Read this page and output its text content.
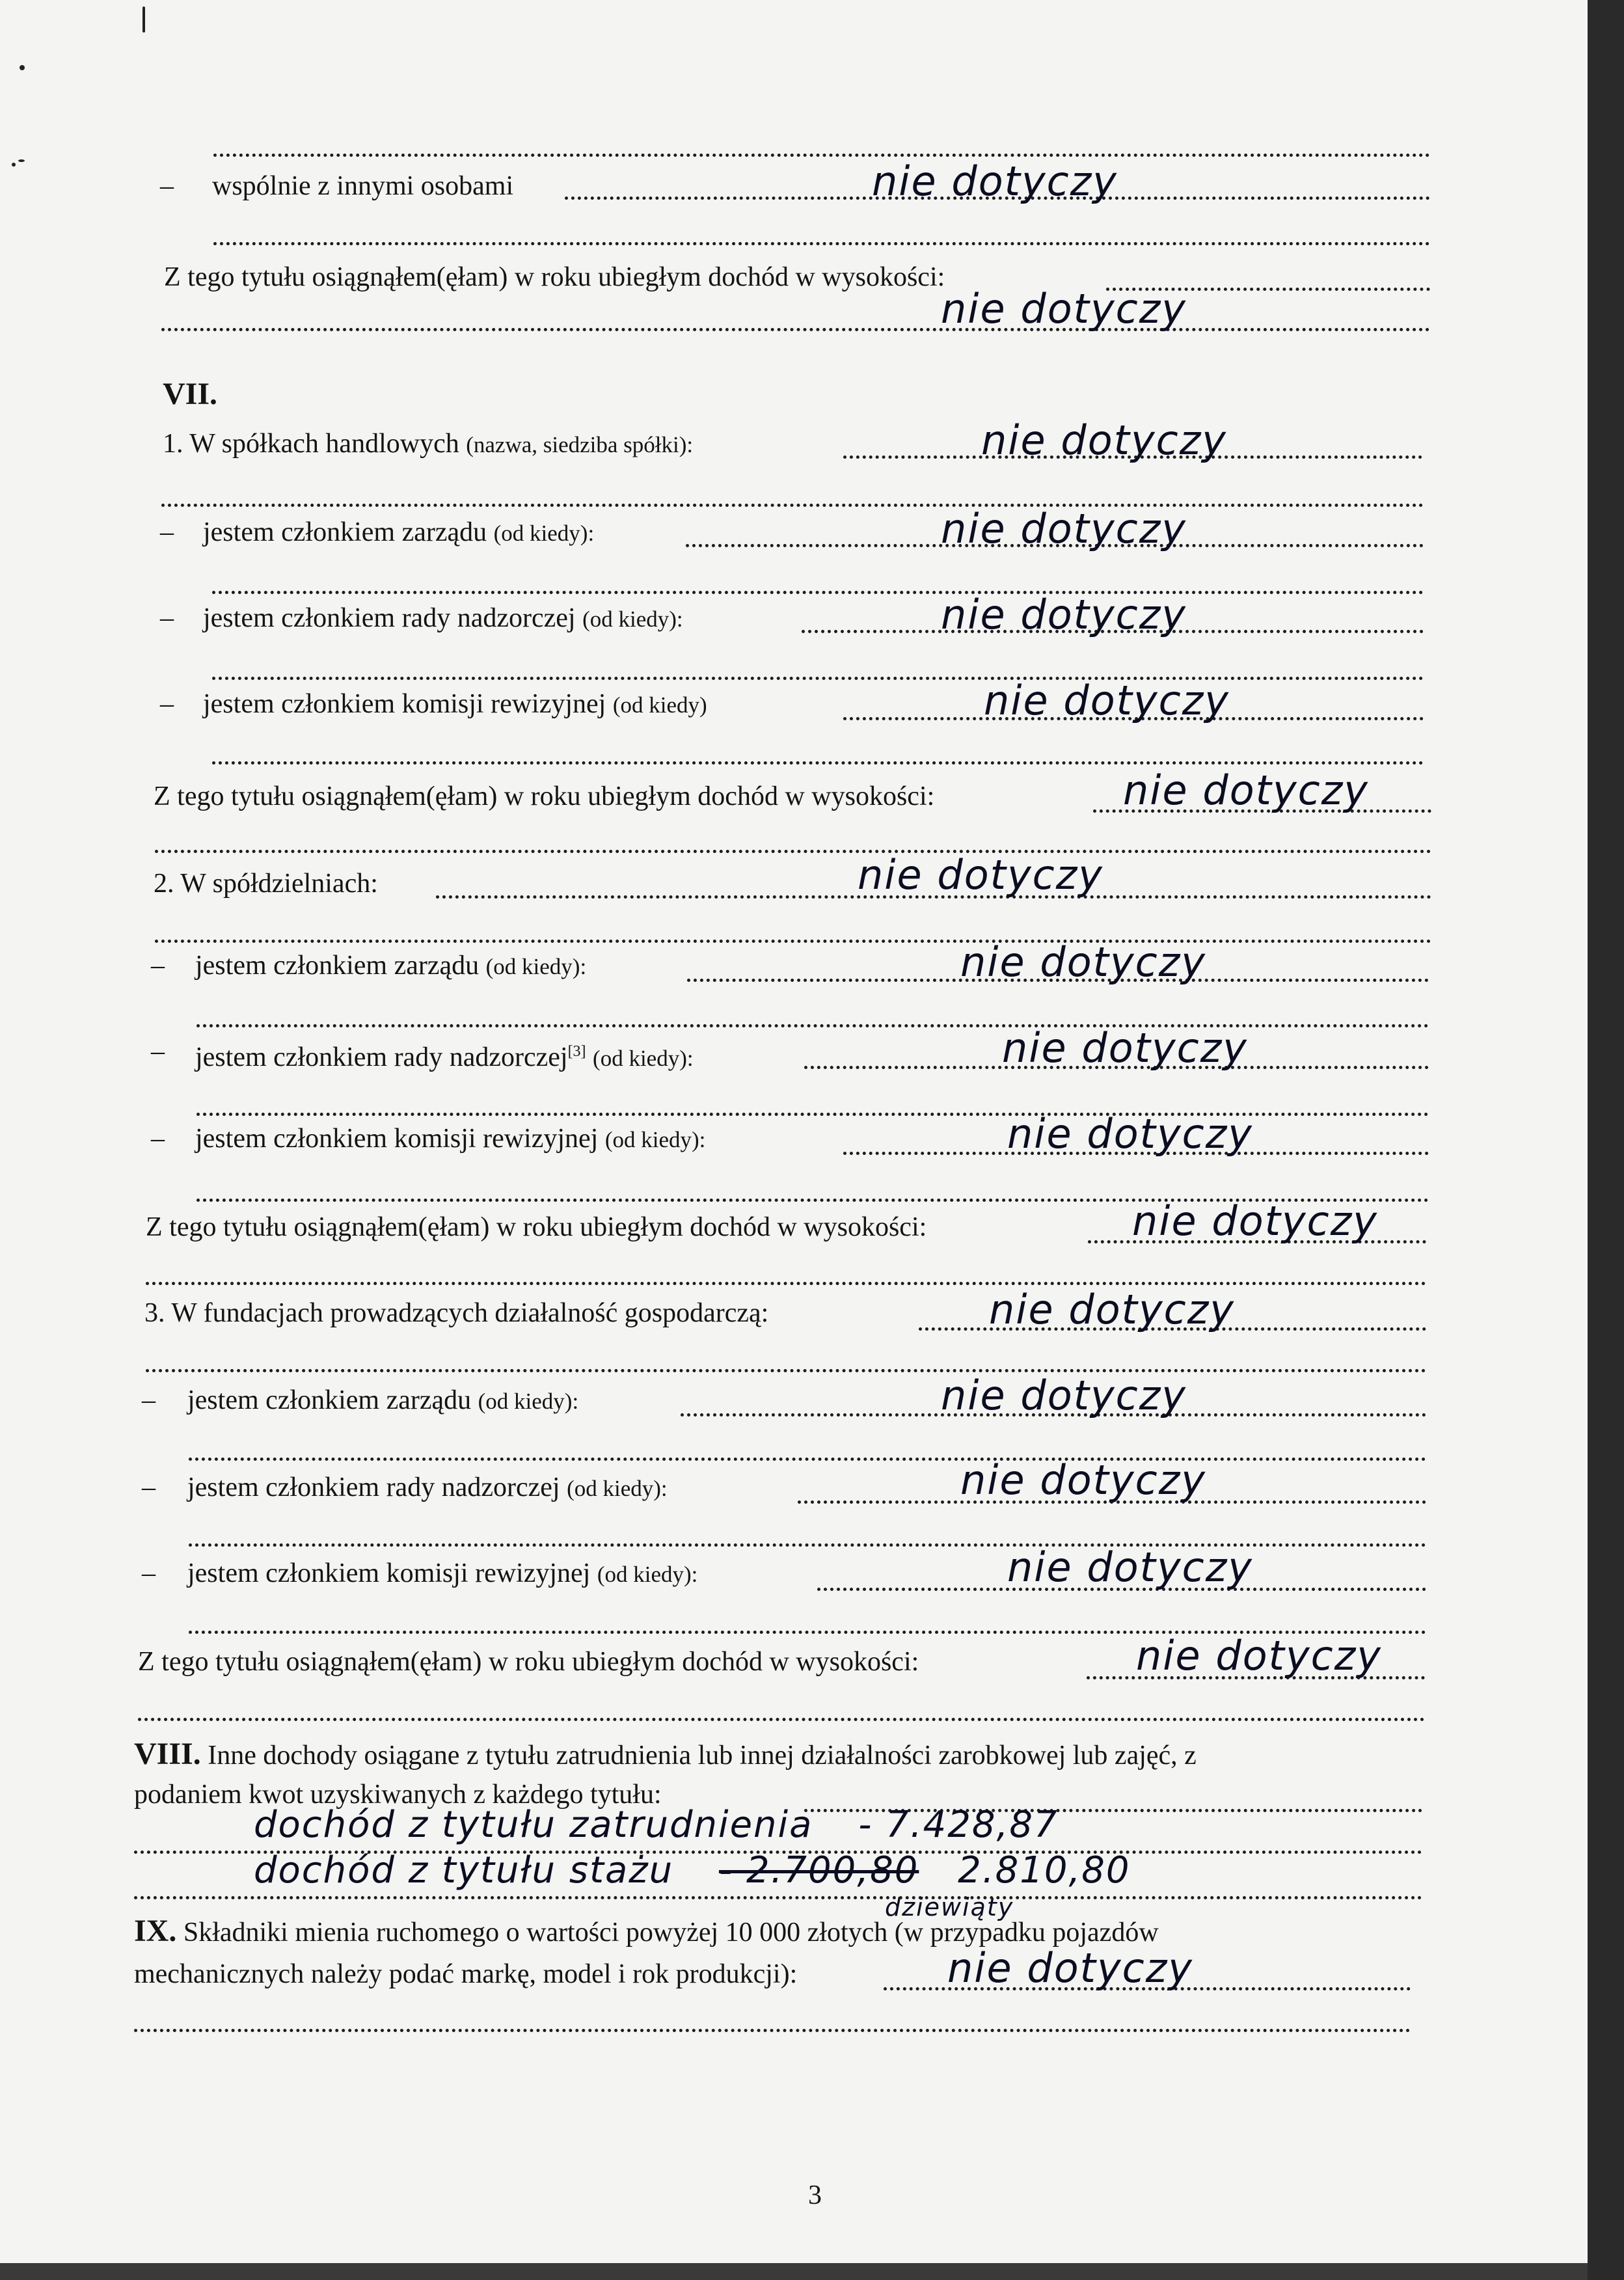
– wspólnie z innymi osobami	nie dotyczy
Z tego tytułu osiągnąłem(ęłam) w roku ubiegłym dochód w wysokości:
nie dotyczy
VII.
1. W spółkach handlowych (nazwa, siedziba spółki):	nie dotyczy
– jestem członkiem zarządu (od kiedy):	nie dotyczy
– jestem członkiem rady nadzorczej (od kiedy):	nie dotyczy
– jestem członkiem komisji rewizyjnej (od kiedy)	nie dotyczy
Z tego tytułu osiągnąłem(ęłam) w roku ubiegłym dochód w wysokości:	nie dotyczy
2. W spółdzielniach:	nie dotyczy
– jestem członkiem zarządu (od kiedy):	nie dotyczy
– jestem członkiem rady nadzorczej[3] (od kiedy):	nie dotyczy
– jestem członkiem komisji rewizyjnej (od kiedy):	nie dotyczy
Z tego tytułu osiągnąłem(ęłam) w roku ubiegłym dochód w wysokości:	nie dotyczy
3. W fundacjach prowadzących działalność gospodarczą:	nie dotyczy
– jestem członkiem zarządu (od kiedy):	nie dotyczy
– jestem członkiem rady nadzorczej (od kiedy):	nie dotyczy
– jestem członkiem komisji rewizyjnej (od kiedy):	nie dotyczy
Z tego tytułu osiągnąłem(ęłam) w roku ubiegłym dochód w wysokości:	nie dotyczy
VIII. Inne dochody osiągane z tytułu zatrudnienia lub innej działalności zarobkowej lub zajęć, z
podaniem kwot uzyskiwanych z każdego tytułu:
dochód z tytułu zatrudnienia - 7.428,87
dochód z tytułu stażu - 2.700,80 2.810,80
dziewiąty
IX. Składniki mienia ruchomego o wartości powyżej 10 000 złotych (w przypadku pojazdów
mechanicznych należy podać markę, model i rok produkcji):	nie dotyczy
3
